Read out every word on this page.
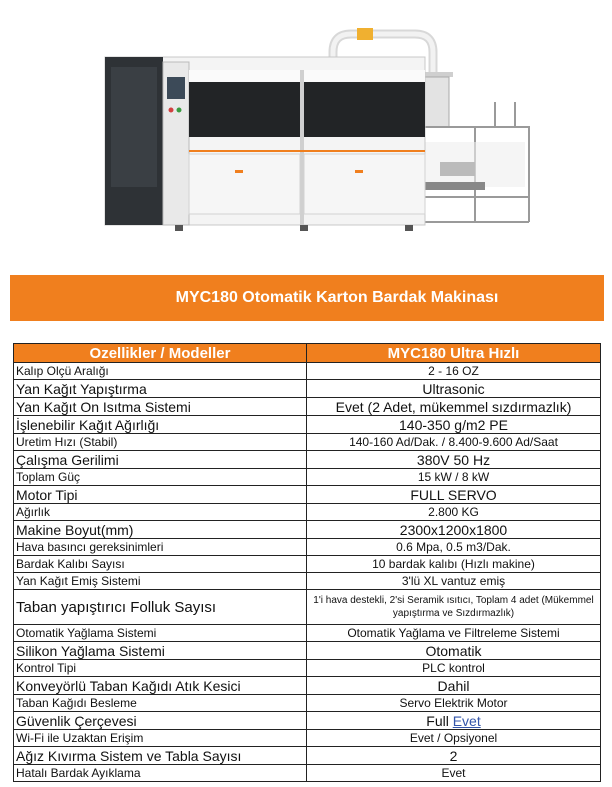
MYC180 Otomatik Karton Bardak Makinası
Ozellikler / Modeller	MYC180 Ultra Hızlı
Kalıp Olçü Aralığı	2 - 16 OZ
Yan Kağıt Yapıştırma	Ultrasonic
Yan Kağıt On Isıtma Sistemi	Evet (2 Adet, mükemmel sızdırmazlık)
İşlenebilir Kağıt Ağırlığı	140-350 g/m2 PE
Uretim Hızı (Stabil)	140-160 Ad/Dak. / 8.400-9.600 Ad/Saat
Çalışma Gerilimi	380V 50 Hz
Toplam Güç	15 kW / 8 kW
Motor Tipi	FULL SERVO
Ağırlık	2.800 KG
Makine Boyut(mm)	2300x1200x1800
Hava basıncı gereksinimleri	0.6 Mpa, 0.5 m3/Dak.
Bardak Kalıbı Sayısı	10 bardak kalıbı (Hızlı makine)
Yan Kağıt Emiş Sistemi	3'lü XL vantuz emiş
Taban yapıştırıcı Folluk Sayısı	1'i hava destekli, 2'si Seramik ısıtıcı, Toplam 4 adet (Mükemmel yapıştırma ve Sızdırmazlık)
Otomatik Yağlama Sistemi	Otomatik Yağlama ve Filtreleme Sistemi
Silikon Yağlama Sistemi	Otomatik
Kontrol Tipi	PLC kontrol
Konveyörlü Taban Kağıdı Atık Kesici	Dahil
Taban Kağıdı Besleme	Servo Elektrik Motor
Güvenlik Çerçevesi	Full Evet
Wi-Fi ile Uzaktan Erişim	Evet / Opsiyonel
Ağız Kıvırma Sistem ve Tabla Sayısı	2
Hatalı Bardak Ayıklama	Evet
